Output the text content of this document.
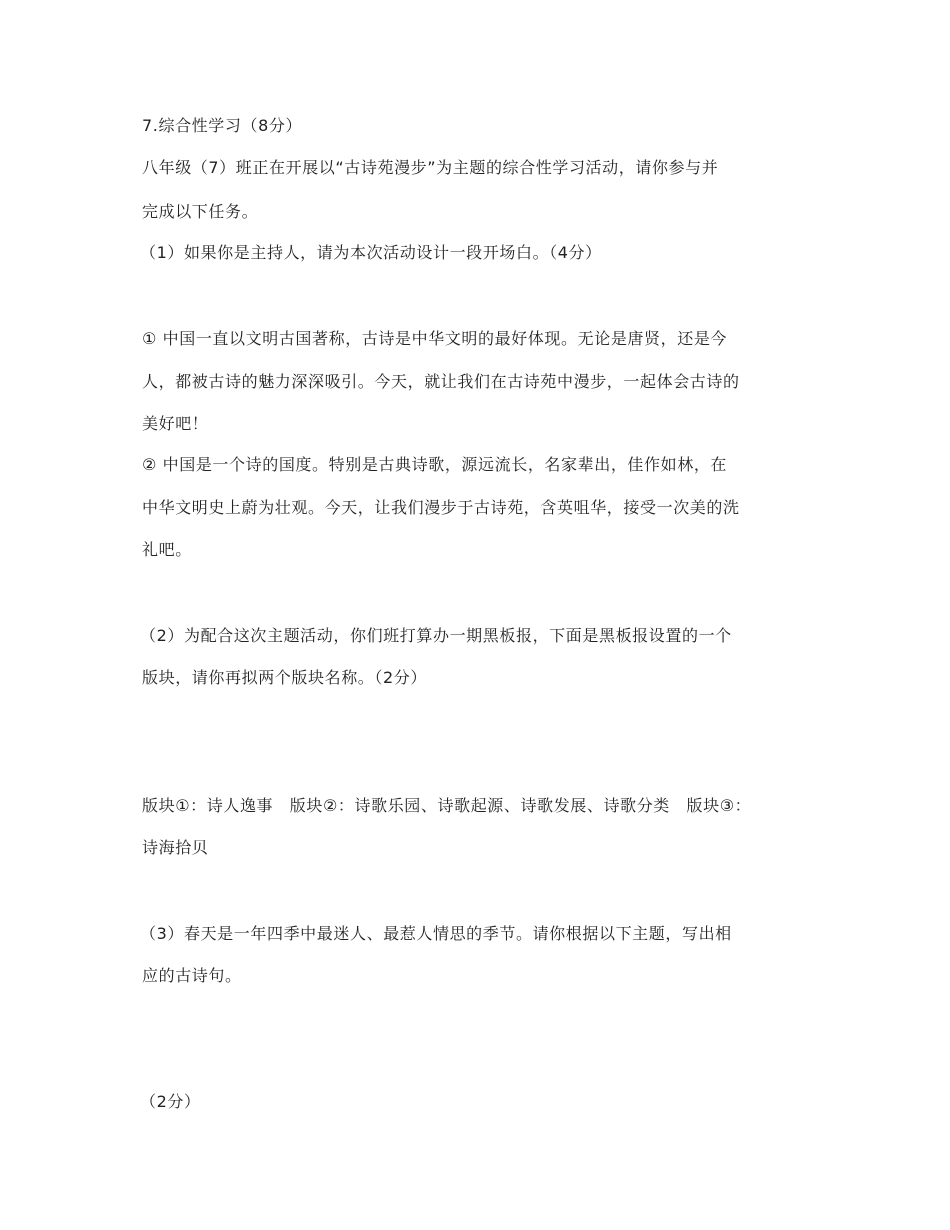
7.综合性学习（8分）
八年级（7）班正在开展以“古诗苑漫步”为主题的综合性学习活动，请你参与并
完成以下任务。
（1）如果你是主持人，请为本次活动设计一段开场白。（4分）
① 中国一直以文明古国著称，古诗是中华文明的最好体现。无论是唐贤，还是今
人，都被古诗的魅力深深吸引。今天，就让我们在古诗苑中漫步，一起体会古诗的
美好吧！
② 中国是一个诗的国度。特别是古典诗歌，源远流长，名家辈出，佳作如林，在
中华文明史上蔚为壮观。今天，让我们漫步于古诗苑，含英咀华，接受一次美的洗
礼吧。
（2）为配合这次主题活动，你们班打算办一期黑板报，下面是黑板报设置的一个
版块，请你再拟两个版块名称。（2分）
版块①：诗人逸事　版块②：诗歌乐园、诗歌起源、诗歌发展、诗歌分类　版块③：
诗海拾贝
（3）春天是一年四季中最迷人、最惹人情思的季节。请你根据以下主题，写出相
应的古诗句。
（2分）
